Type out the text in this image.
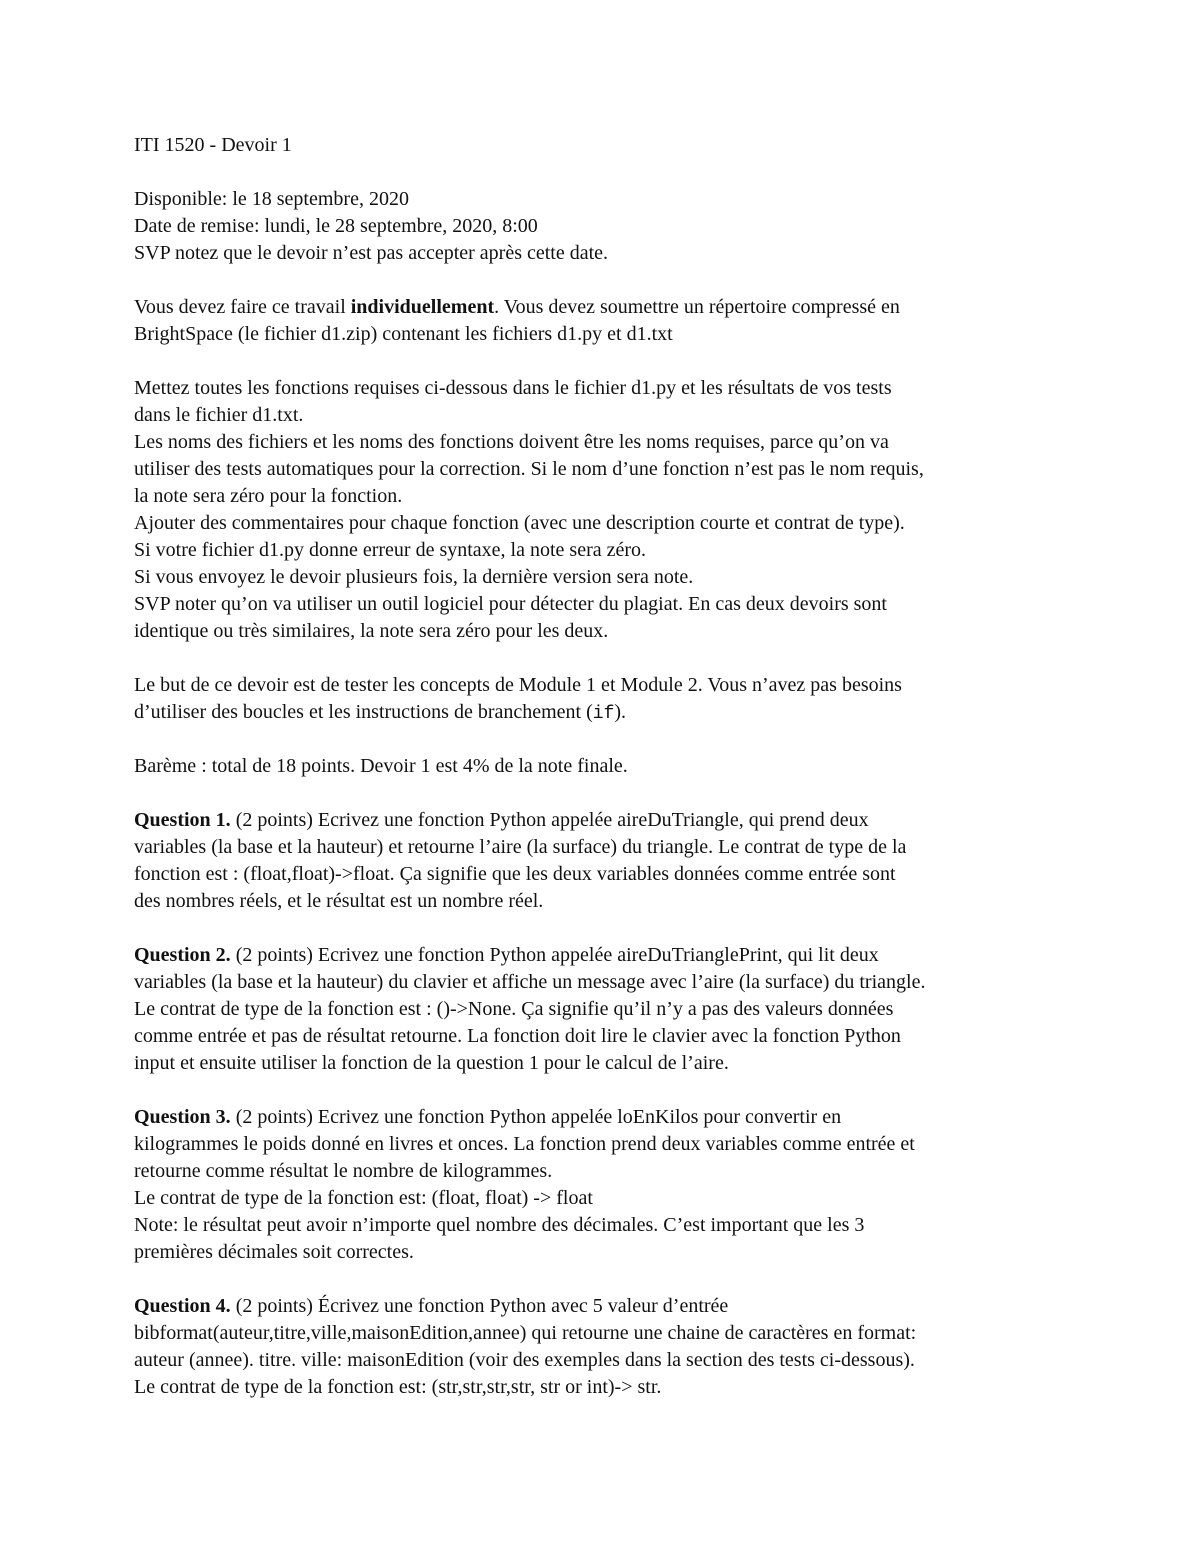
ITI 1520 - Devoir 1
Disponible: le 18 septembre, 2020
Date de remise: lundi, le 28 septembre, 2020, 8:00
SVP notez que le devoir n’est pas accepter après cette date.
Vous devez faire ce travail individuellement. Vous devez soumettre un répertoire compressé en
BrightSpace (le fichier d1.zip) contenant les fichiers d1.py et d1.txt
Mettez toutes les fonctions requises ci-dessous dans le fichier d1.py et les résultats de vos tests
dans le fichier d1.txt.
Les noms des fichiers et les noms des fonctions doivent être les noms requises, parce qu’on va
utiliser des tests automatiques pour la correction. Si le nom d’une fonction n’est pas le nom requis,
la note sera zéro pour la fonction.
Ajouter des commentaires pour chaque fonction (avec une description courte et contrat de type).
Si votre fichier d1.py donne erreur de syntaxe, la note sera zéro.
Si vous envoyez le devoir plusieurs fois, la dernière version sera note.
SVP noter qu’on va utiliser un outil logiciel pour détecter du plagiat. En cas deux devoirs sont
identique ou très similaires, la note sera zéro pour les deux.
Le but de ce devoir est de tester les concepts de Module 1 et Module 2. Vous n’avez pas besoins
d’utiliser des boucles et les instructions de branchement (if).
Barème : total de 18 points. Devoir 1 est 4% de la note finale.
Question 1. (2 points) Ecrivez une fonction Python appelée aireDuTriangle, qui prend deux
variables (la base et la hauteur) et retourne l’aire (la surface) du triangle. Le contrat de type de la
fonction est : (float,float)->float. Ça signifie que les deux variables données comme entrée sont
des nombres réels, et le résultat est un nombre réel.
Question 2. (2 points) Ecrivez une fonction Python appelée aireDuTrianglePrint, qui lit deux
variables (la base et la hauteur) du clavier et affiche un message avec l’aire (la surface) du triangle.
Le contrat de type de la fonction est : ()->None. Ça signifie qu’il n’y a pas des valeurs données
comme entrée et pas de résultat retourne. La fonction doit lire le clavier avec la fonction Python
input et ensuite utiliser la fonction de la question 1 pour le calcul de l’aire.
Question 3. (2 points) Ecrivez une fonction Python appelée loEnKilos pour convertir en
kilogrammes le poids donné en livres et onces. La fonction prend deux variables comme entrée et
retourne comme résultat le nombre de kilogrammes.
Le contrat de type de la fonction est: (float, float) -> float
Note: le résultat peut avoir n’importe quel nombre des décimales. C’est important que les 3
premières décimales soit correctes.
Question 4. (2 points) Écrivez une fonction Python avec 5 valeur d’entrée
bibformat(auteur,titre,ville,maisonEdition,annee) qui retourne une chaine de caractères en format:
auteur (annee). titre. ville: maisonEdition (voir des exemples dans la section des tests ci-dessous).
Le contrat de type de la fonction est: (str,str,str,str, str or int)-> str.
